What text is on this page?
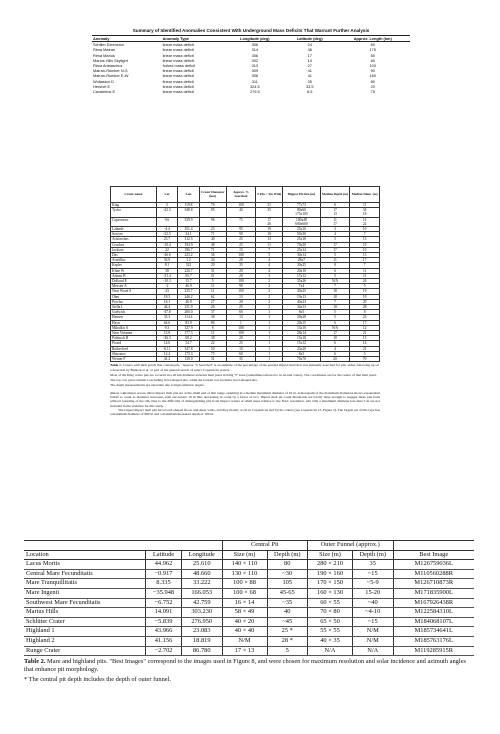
Summary of Identified Anomalies Consistent With Underground Mass Deficits That Warrant Further Analysis
Anomaly	Anomaly Type	Longitude (deg)	Latitude (deg)	Approx. Length (km)
Schiller Extension	linear mass deficit	306	24	60
Rima Mairan	linear mass deficit	314	36	170
Rima Marius	linear mass deficit	306	17	50
Marius Hills Skylight	linear mass deficit	302	14	60
Rima Aristarchus	forked mass deficit	313	27	100
Mairan-Rumker N-S	linear mass deficit	309	41	90
Mairan-Rumker E-W	linear mass deficit	306	41	180
Wollaston D	linear mass deficit	311	35	80
Hershel E	linear mass deficit	324.5	33.5	20
Cavalerius E	linear mass deficit	279.5	8.5	75
Crater name	Lat	Lon	Crater Diameter (km)	Approx. % Searched	# Pits > 5m Wide	Biggest Pit Size (m)	Median Depth (m)	Median Diam. (m)
King	5	119.8	76	100	31	77x73	6	11
Tycho	-43.3	348.8	85	40	35	80x60	17	34
						175x105	13	18
Copernicus	9.6	339.9	96	75	17	100x48	11	14
					26	600x600	17	22
Lalande	-4.4	351.4	23	95	19	25x10	3	10
Sawyer	-32.5	34.1	71	90	16	50x30	4	7
Aristarchus	23.7	312.5	40	25	13	25x18	5	13
Crookes	-10.4	194.9	48	25	11	70x30	17	19
Jackson	22	196.7	71	15	7	25x14	17	10
Das	-26.6	223.2	36	100	5	30x14	5	13
Aristillus	33.9	1.2	34	20	4	28x7	11	17
Kepler	8.1	322	29	35	4	30x25	8	7
Kline W	38	226.7	31	20	4	20x10	6	11
Adams B	-31.4	65.7	31	20	3	17x12	5	11
Dollond E	-10.3	15.7	5	100	2	35x26	N/A	24
Messier A	-2	46.9	11	90	2	7x4	7	5
Near Wood S	43	235.7	11	100	2	40x25	18	19
Ohm	18.3	246.2	62	13	2	19x13	10	19
Proclus	16.1	46.9	27	20	2	40x23	7	29
Stella L	44.4	231.9	26	25	2	34x13	10	28
Godwick	-47.8	260.0	37	60	1	8x5	5	8
Hansen	33.3	114.4	38	13	1	30x28	5	23
Hayn	64.6	83.9	86	1	1	20x15	6	17
Mikulkis A	9.3	327.9	8	100	1	13x10	N/A	12
Near Virtanen	15.8	177.3	11	100	1	28x14	17	21
Palitzsch B	-26.3	68.2	38	20	1	15x10	10	13
Picard	14.6	54.7	22	25	1	15x12	6	14
Rutherford	-61.1	347.8	50	10	1	23x20	4	21
Sharonov	12.4	173.3	75	60	1	8x5	6	5
Werner F	41.2	130.0	31	35	1	70x70	20	70
Table 1. Craters with melt ponds that contain pits. "Approx. % Searched" is an estimate of the percentage of the ponded impact melt that was manually searched for pits, either following up on a detection by Bullock et al. or part of the general search of select Copernican craters.
Most of the King crater pits are covered in a 20 km diameter external melt pond in King 'Y' zone (sometimes referred to as Al-tusi crater). The coordinates are for the center of that melt pond.
The top row gives statistics excluding bowl-shaped pits, while the bottom row includes bowl-shaped pits.
The depth measurements are uncertain due to high emission angles.
almost a kilometer across. Most impact melt pits are at the small end of that range, resulting in a median maximum diameter of 16 m. A histogram of the maximum diameters shows exponential falloff to count as diameter increases, with successive 10 m bins decreasing in count by a factor of two. Impact melt pit count thresholds are totally large enough to suggest these pits form without rounding of the rim. Due to the difficulty of distinguishing pits from impact craters at small sizes relative to the NAC resolution, pits with a maximum diameter less than 5 m are not included in the statistics for this study.
The largest impact melt pits have bowl-shaped floors and sheer walls, and they mostly occur in Copernicus and Tycho craters (see Copernicus 15, Figure 5). The largest pit of this type has a maximum diameter of 900 m and a maximum measured depth of 100 m.
			Central Pit		Outer Funnel (approx.)		
Location	Latitude	Longitude	Size (m)	Depth (m)	Size (m)	Depth (m)	Best Image
Lacus Mortis	44.962	25.610	140 × 110	80	280 × 210	35	M126759036L
Central Mare Fecunditatis	−0.917	48.660	130 × 110	~30	190 × 160	~15	M110560288R
Mare Tranquillitatis	8.335	33.222	100 × 88	105	170 × 150	~5-9	M126710873R
Mare Ingenii	−35.948	166.053	100 × 68	45-65	160 × 130	15-20	M171835900L
Southwest Mare Fecunditatis	−6.752	42.759	16 × 14	~35	60 × 55	~40	M167926438R
Marius Hills	14.091	303.230	58 × 49	40	70 × 80	~4-10	M122584310L
Schlüter Crater	−5.839	276.950	40 × 20	~45	65 × 50	~15	M184068107L
Highland 1	43.966	23.083	40 × 40	25 *	55 × 55	N/M	M185734641L
Highland 2	41.156	18.819	N/M	28 *	40 × 35	N/M	M185763176L
Runge Crater	−2.702	86.780	17 × 13	5	N/A	N/A	M119285915R
Table 2. Mare and highland pits. "Best Images" correspond to the images used in Figure 8, and were chosen for maximum resolution and solar incidence and azimuth angles that enhance pit morphology.
* The central pit depth includes the depth of outer funnel.
